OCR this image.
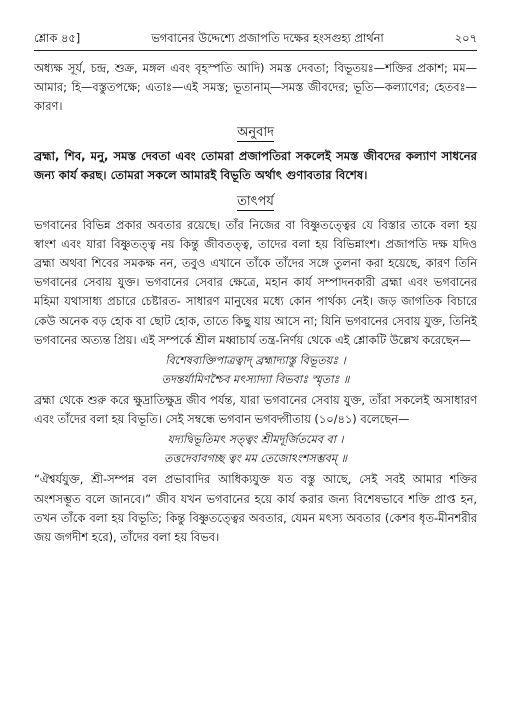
শ্লোক ৪৫]	ভগবানের উদ্দেশ্যে প্রজাপতি দক্ষের হংসগুহ্য প্রার্থনা	২০৭

অধ্যক্ষ সূর্য, চন্দ্র, শুক্র, মঙ্গল এবং বৃহস্পতি আদি) সমস্ত দেবতা; বিভূতয়ঃ—শক্তির প্রকাশ; মম—আমার; হি—বস্তুতপক্ষে; এতাঃ—এই সমস্ত; ভূতানাম্—সমস্ত জীবদের; ভূতি—কল্যাণের; হেতবঃ—কারণ।

অনুবাদ

ব্রহ্মা, শিব, মনু, সমস্ত দেবতা এবং তোমরা প্রজাপতিরা সকলেই সমস্ত জীবদের কল্যাণ সাধনের জন্য কার্য করছ। তোমরা সকলে আমারই বিভূতি অর্থাৎ গুণাবতার বিশেষ।

তাৎপর্য

ভগবানের বিভিন্ন প্রকার অবতার রয়েছে। তাঁর নিজের বা বিষ্ণুতত্ত্বের যে বিস্তার তাকে বলা হয় স্বাংশ এবং যারা বিষ্ণুতত্ত্ব নয় কিন্তু জীবতত্ত্ব, তাদের বলা হয় বিভিন্নাংশ। প্রজাপতি দক্ষ যদিও ব্রহ্মা অথবা শিবের সমকক্ষ নন, তবুও এখানে তাঁকে তাঁদের সঙ্গে তুলনা করা হয়েছে, কারণ তিনি ভগবানের সেবায় যুক্ত। ভগবানের সেবার ক্ষেত্রে, মহান কার্য সম্পাদনকারী ব্রহ্মা এবং ভগবানের মহিমা যথাসাধ্য প্রচারে চেষ্টারত- সাধারণ মানুষের মধ্যে কোন পার্থক্য নেই। জড় জাগতিক বিচারে কেউ অনেক বড় হোক বা ছোট হোক, তাতে কিছু যায় আসে না; যিনি ভগবানের সেবায় যুক্ত, তিনিই ভগবানের অত্যন্ত প্রিয়। এই সম্পর্কে শ্রীল মধ্বাচার্য তন্ত্র-নির্ণয় থেকে এই শ্লোকটি উল্লেখ করেছেন—

বিশেষব্যক্তিপাত্রত্বাদ্ ব্রহ্মাদ্যাস্তু বিভূতয়ঃ ।
তদন্তর্যামিণশ্চৈব মৎস্যাদ্যা বিভবাঃ স্মৃতাঃ ॥

ব্রহ্মা থেকে শুরু করে ক্ষুদ্রাতিক্ষুদ্র জীব পর্যন্ত, যারা ভগবানের সেবায় যুক্ত, তাঁরা সকলেই অসাধারণ এবং তাঁদের বলা হয় বিভূতি। সেই সম্বন্ধে ভগবান ভগবদ্গীতায় (১০/৪১) বলেছেন—

যদ্যদ্বিভূতিমৎ সত্ত্বং শ্রীমদূর্জিতমেব বা ।
তত্তদেবাবগচ্ছ ত্বং মম তেজোঽংশসম্ভবম্ ॥

“ঐশ্বর্যযুক্ত, শ্রী-সম্পন্ন বল প্রভাবাদির আধিক্যযুক্ত যত বস্তু আছে, সেই সবই আমার শক্তির অংশসম্ভূত বলে জানবে।” জীব যখন ভগবানের হয়ে কার্য করার জন্য বিশেষভাবে শক্তি প্রাপ্ত হন, তখন তাঁকে বলা হয় বিভূতি; কিন্তু বিষ্ণুতত্ত্বের অবতার, যেমন মৎস্য অবতার (কেশব ধৃত-মীনশরীর জয় জগদীশ হরে), তাঁদের বলা হয় বিভব।
